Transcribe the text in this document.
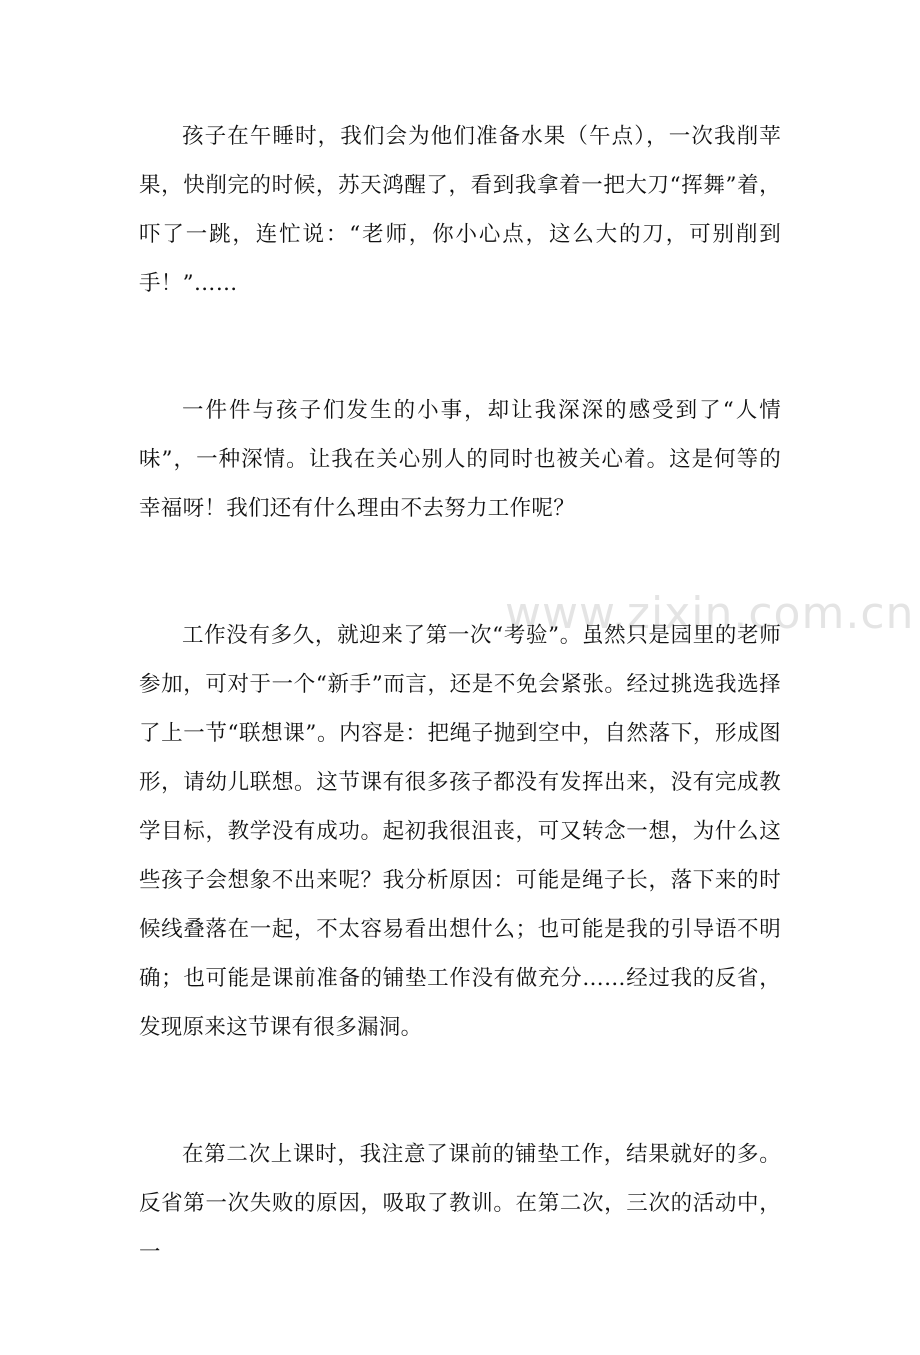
www.zixin.com.cn

孩子在午睡时，我们会为他们准备水果（午点），一次我削苹果，快削完的时候，苏天鸿醒了，看到我拿着一把大刀“挥舞”着，吓了一跳，连忙说：“老师，你小心点，这么大的刀，可别削到手！”……

一件件与孩子们发生的小事，却让我深深的感受到了“人情味”，一种深情。让我在关心别人的同时也被关心着。这是何等的幸福呀！我们还有什么理由不去努力工作呢？

工作没有多久，就迎来了第一次“考验”。虽然只是园里的老师参加，可对于一个“新手”而言，还是不免会紧张。经过挑选我选择了上一节“联想课”。内容是：把绳子抛到空中，自然落下，形成图形，请幼儿联想。这节课有很多孩子都没有发挥出来，没有完成教学目标，教学没有成功。起初我很沮丧，可又转念一想，为什么这些孩子会想象不出来呢？我分析原因：可能是绳子长，落下来的时候线叠落在一起，不太容易看出想什么；也可能是我的引导语不明确；也可能是课前准备的铺垫工作没有做充分……经过我的反省，发现原来这节课有很多漏洞。

在第二次上课时，我注意了课前的铺垫工作，结果就好的多。反省第一次失败的原因，吸取了教训。在第二次，三次的活动中，一
